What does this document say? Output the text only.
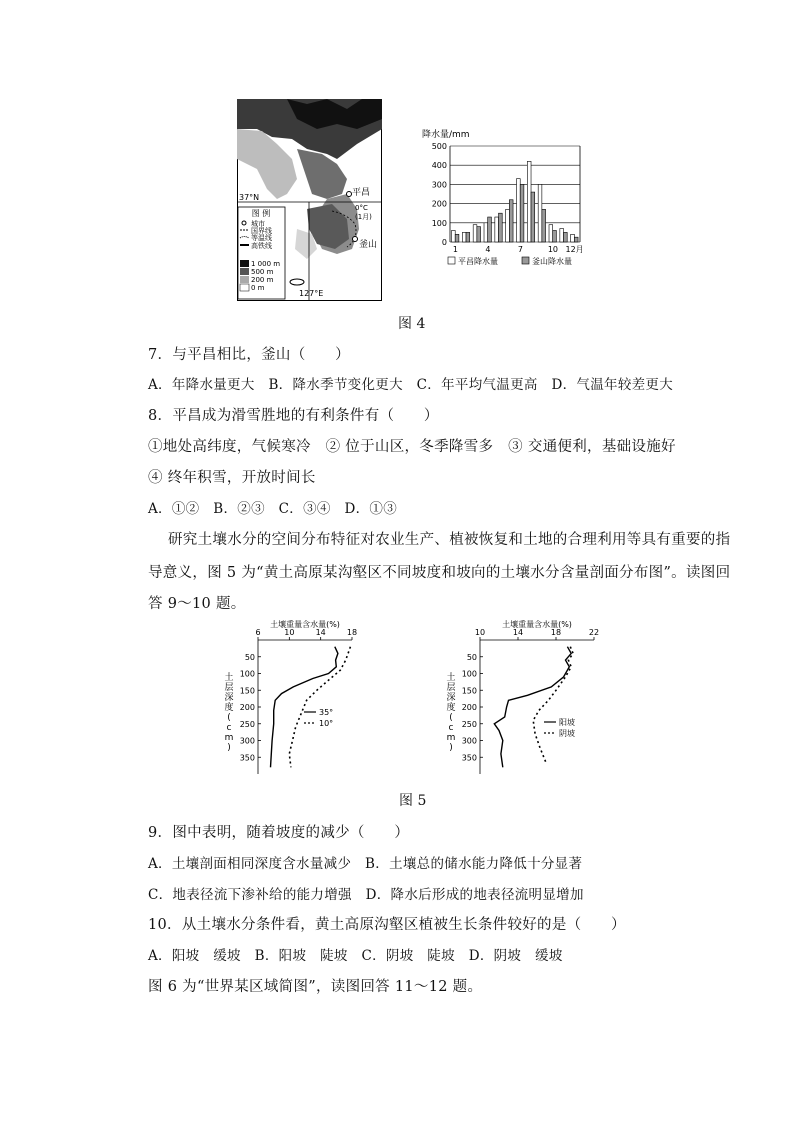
图 例
城市
国界线
等温线
高铁线
1 000 m
500 m
200 m
0 m
37°N
127°E
平昌
釜山
0°C
(1月)
降水量/mm
0
100
200
300
400
500
1	4	7	10 12月
平昌降水量	釜山降水量
图 4
7．与平昌相比，釜山（　　）
A．年降水量更大　B．降水季节变化更大　C．年平均气温更高　D．气温年较差更大
8．平昌成为滑雪胜地的有利条件有（　　）
①地处高纬度，气候寒冷　② 位于山区，冬季降雪多　③ 交通便利，基础设施好
④ 终年积雪，开放时间长
A．①②　B．②③　C．③④　D．①③
研究土壤水分的空间分布特征对农业生产、植被恢复和土地的合理利用等具有重要的指
导意义，图 5 为“黄土高原某沟壑区不同坡度和坡向的土壤水分含量剖面分布图”。读图回
答 9～10 题。
土壤重量含水量(%)
6	10	14	18
50
100
150
200
250
300
350
土
层
深
度
(
c
m
)
35°
10°
土壤重量含水量(%)
10	14	18	22
50
100
150
200
250
300
350
土
层
深
度
(
c
m
)
阳坡
阴坡
图 5
9．图中表明，随着坡度的减少（　　）
A．土壤剖面相同深度含水量减少　B．土壤总的储水能力降低十分显著
C．地表径流下渗补给的能力增强　D．降水后形成的地表径流明显增加
10．从土壤水分条件看，黄土高原沟壑区植被生长条件较好的是（　　）
A．阳坡　缓坡　B．阳坡　陡坡　C．阴坡　陡坡　D．阴坡　缓坡
图 6 为“世界某区域简图”，读图回答 11～12 题。
